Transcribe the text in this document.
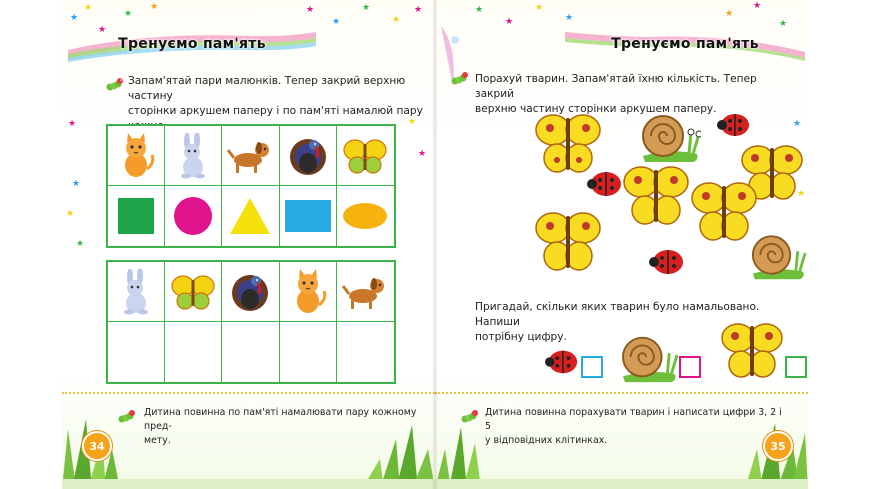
★
★
★
★
★	★
★
★
★
★
★
★
★
★
★
★
Тренуємо пам'ять
Запам'ятай пари малюнків. Тепер закрий верхню частину
сторінки аркушем паперу і по пам'яті намалюй пару
Дитина повинна по пам'яті намалювати пару кожному пред-
мету.
34
★
★
★
★	★
★
★
★
★
Тренуємо пам'ять
Порахуй тварин. Запам'ятай їхню кількість. Тепер закрий
верхню частину сторінки аркушем паперу.
Пригадай, скільки яких тварин було намальовано. Напиши
потрібну цифру.
Дитина повинна порахувати тварин і написати цифри 3, 2 і 5
у відповідних клітинках.	35
